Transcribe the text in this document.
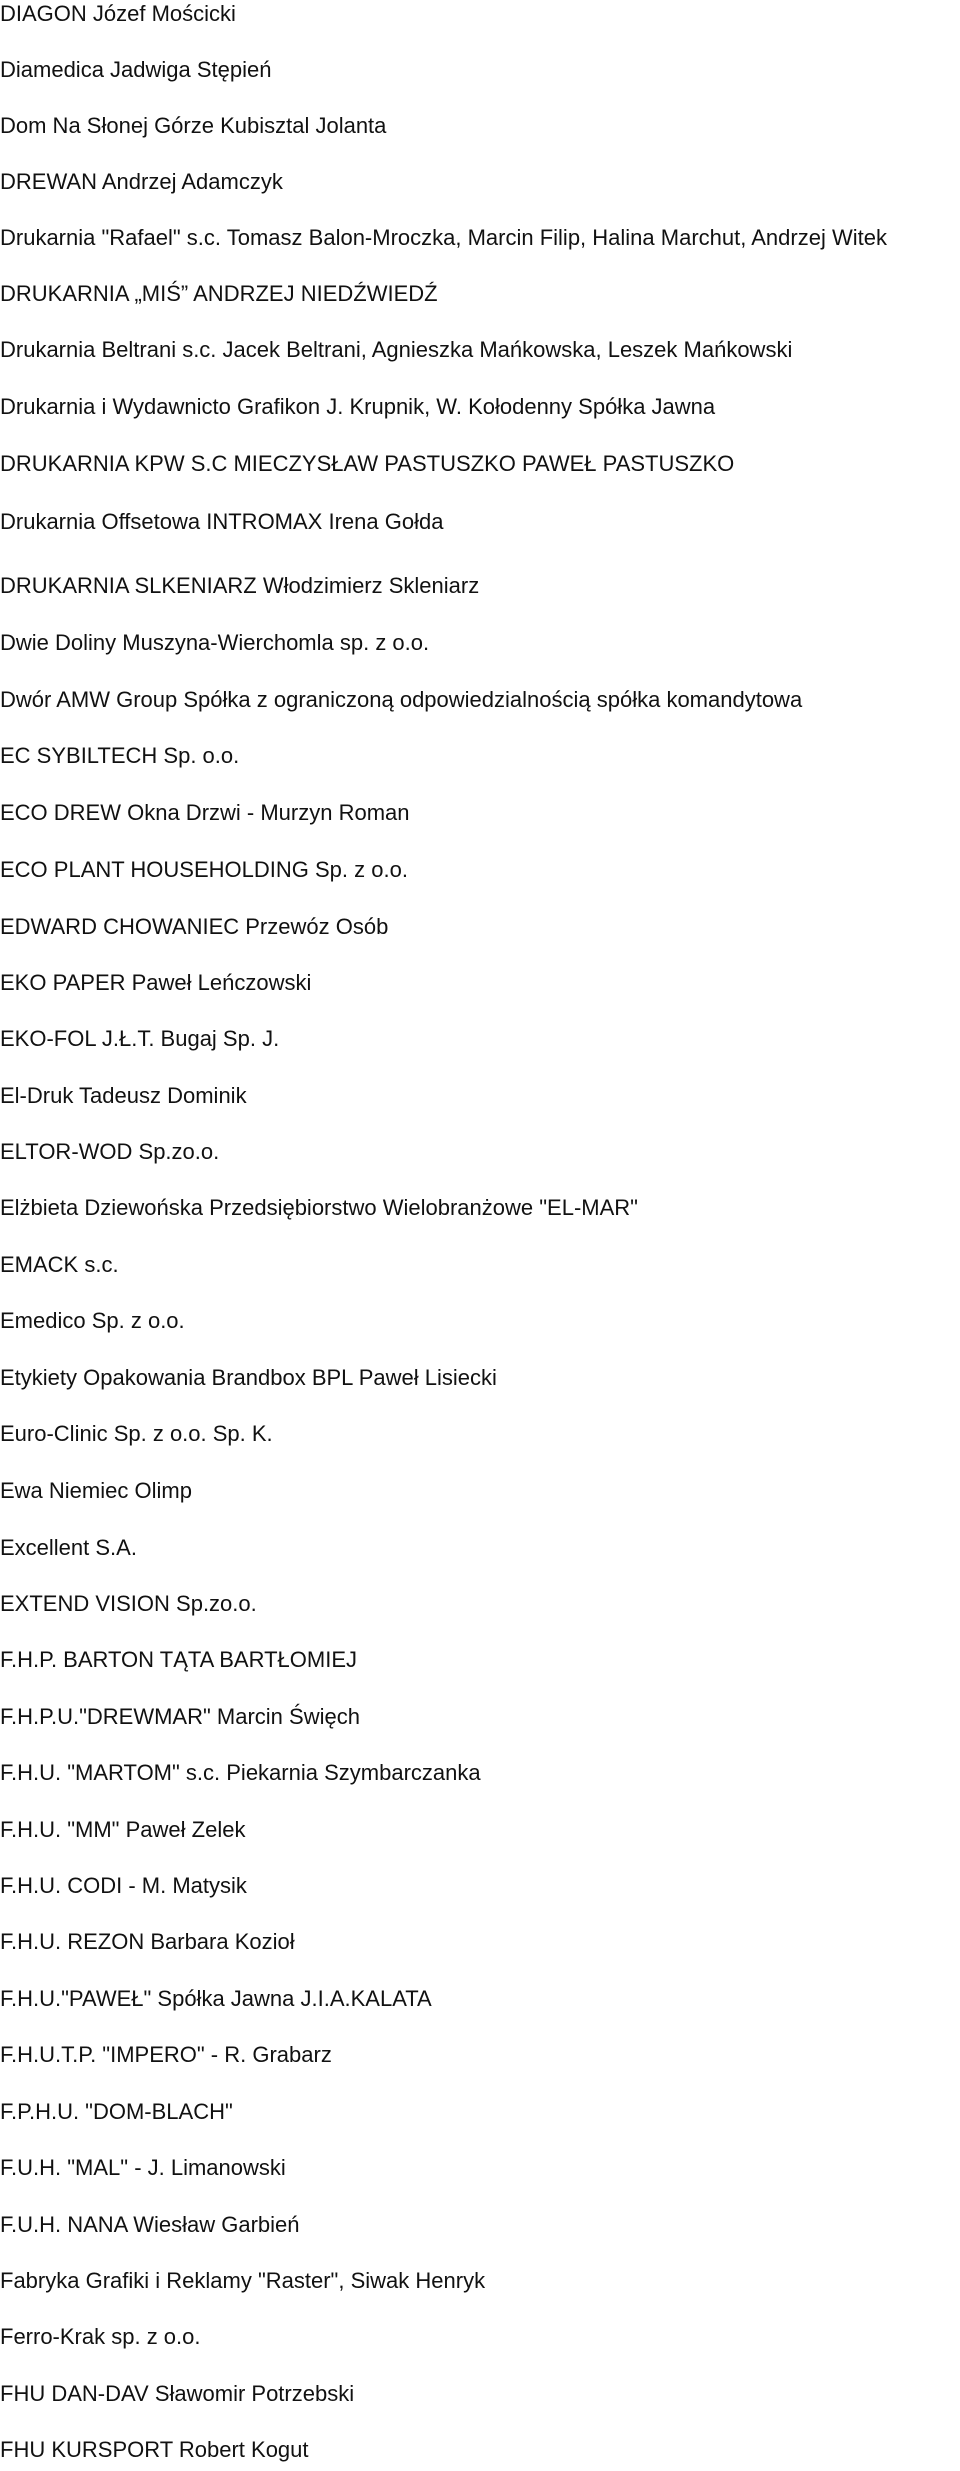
DIAGON Józef Mościcki
Diamedica Jadwiga Stępień
Dom Na Słonej Górze Kubisztal Jolanta
DREWAN Andrzej Adamczyk
Drukarnia "Rafael" s.c. Tomasz Balon-Mroczka, Marcin Filip, Halina Marchut, Andrzej Witek
DRUKARNIA „MIŚ” ANDRZEJ NIEDŹWIEDŹ
Drukarnia Beltrani s.c. Jacek Beltrani, Agnieszka Mańkowska, Leszek Mańkowski
Drukarnia i Wydawnicto Grafikon J. Krupnik, W. Kołodenny Spółka Jawna
DRUKARNIA KPW S.C MIECZYSŁAW PASTUSZKO PAWEŁ PASTUSZKO
Drukarnia Offsetowa INTROMAX Irena Gołda
DRUKARNIA SLKENIARZ Włodzimierz Skleniarz
Dwie Doliny Muszyna-Wierchomla sp. z o.o.
Dwór AMW Group Spółka z ograniczoną odpowiedzialnością spółka komandytowa
EC SYBILTECH Sp. o.o.
ECO DREW Okna Drzwi - Murzyn Roman
ECO PLANT HOUSEHOLDING Sp. z o.o.
EDWARD CHOWANIEC Przewóz Osób
EKO PAPER Paweł Leńczowski
EKO-FOL J.Ł.T. Bugaj Sp. J.
El-Druk Tadeusz Dominik
ELTOR-WOD Sp.zo.o.
Elżbieta Dziewońska Przedsiębiorstwo Wielobranżowe "EL-MAR"
EMACK s.c.
Emedico Sp. z o.o.
Etykiety Opakowania Brandbox BPL Paweł Lisiecki
Euro-Clinic Sp. z o.o. Sp. K.
Ewa Niemiec Olimp
Excellent S.A.
EXTEND VISION Sp.zo.o.
F.H.P. BARTON TĄTA BARTŁOMIEJ
F.H.P.U."DREWMAR" Marcin Święch
F.H.U. "MARTOM" s.c. Piekarnia Szymbarczanka
F.H.U. "MM" Paweł Zelek
F.H.U. CODI - M. Matysik
F.H.U. REZON Barbara Kozioł
F.H.U."PAWEŁ" Spółka Jawna J.I.A.KALATA
F.H.U.T.P. "IMPERO" - R. Grabarz
F.P.H.U. "DOM-BLACH"
F.U.H. "MAL" - J. Limanowski
F.U.H. NANA Wiesław Garbień
Fabryka Grafiki i Reklamy "Raster", Siwak Henryk
Ferro-Krak sp. z o.o.
FHU DAN-DAV Sławomir Potrzebski
FHU KURSPORT Robert Kogut
